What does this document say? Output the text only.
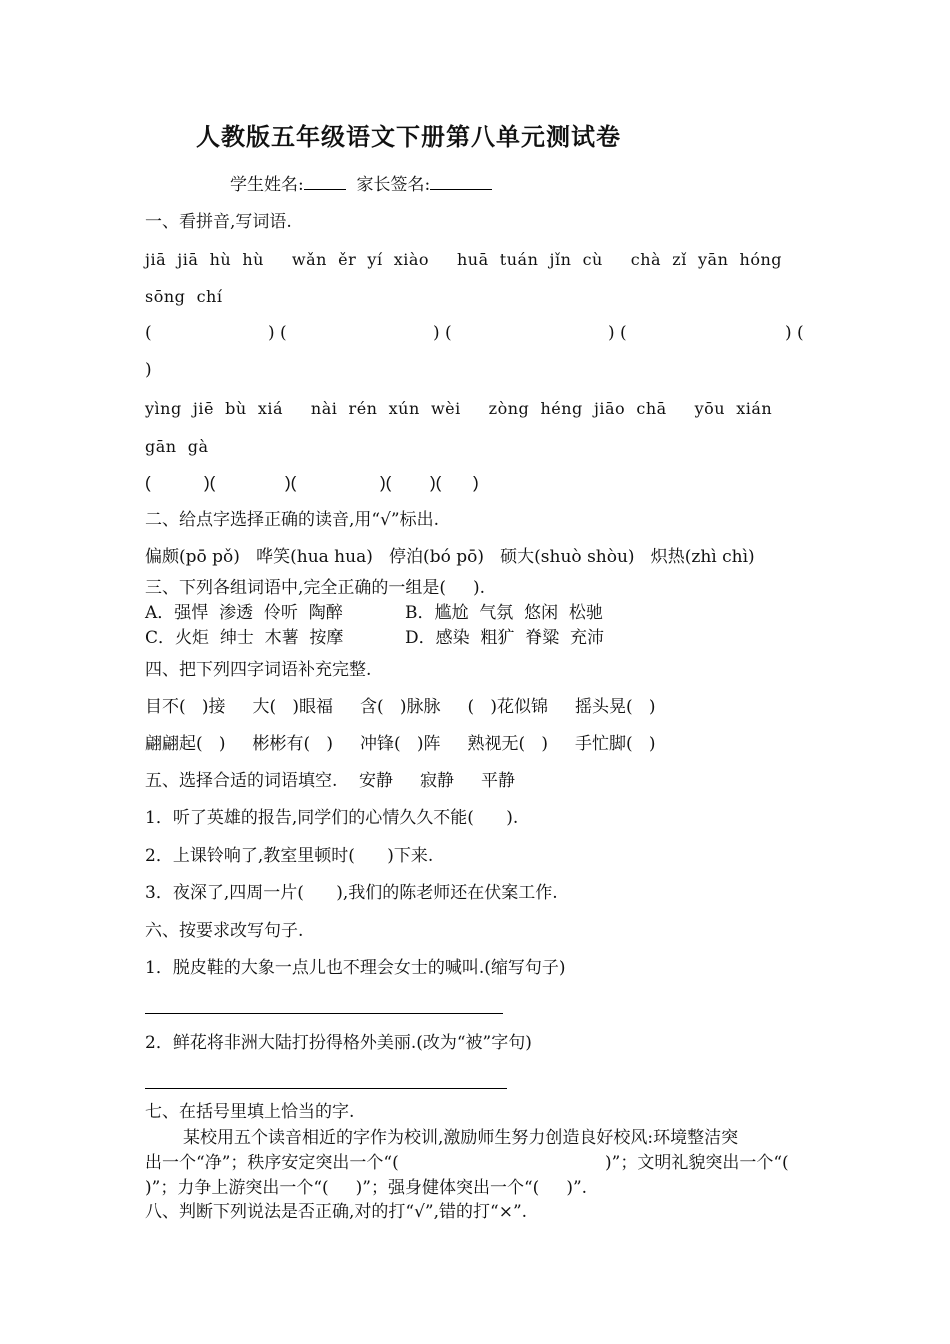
人教版五年级语文下册第八单元测试卷
学生姓名:	家长签名:
一、看拼音,写词语.
jiā  jiā  hù  hù     wǎn  ěr  yí  xiào     huā  tuán  jǐn  cù     chà  zǐ  yān  hóng
sōng  chí
(	) (	) (	) (	) (
)
yìng  jiē  bù  xiá     nài  rén  xún  wèi     zòng  héng  jiāo  chā     yōu  xián
gān  gà
(	)(	)(	)( )( )
二、给点字选择正确的读音,用“√”标出.
偏颇(pō pǒ)   哗笑(hua hua)   停泊(bó pō)   硕大(shuò shòu)   炽热(zhì chì)
三、下列各组词语中,完全正确的一组是(     ).
A．强悍  渗透  伶听  陶醉	B．尴尬  气氛  悠闲  松驰
C．火炬  绅士  木薯  按摩	D．感染  粗犷  脊粱  充沛
四、把下列四字词语补充完整.
目不(   )接     大(   )眼福     含(   )脉脉     (   )花似锦     摇头晃(   )
翩翩起(   )     彬彬有(   )     冲锋(   )阵     熟视无(   )     手忙脚(   )
五、选择合适的词语填空.    安静     寂静     平静
1．听了英雄的报告,同学们的心情久久不能(      ).
2．上课铃响了,教室里顿时(      )下来.
3．夜深了,四周一片(      ),我们的陈老师还在伏案工作.
六、按要求改写句子.
1．脱皮鞋的大象一点儿也不理会女士的喊叫.(缩写句子)
2．鲜花将非洲大陆打扮得格外美丽.(改为“被”字句)
七、在括号里填上恰当的字.
某校用五个读音相近的字作为校训,激励师生努力创造良好校风:环境整洁突
出一个“净”；秩序安定突出一个“(	)”；文明礼貌突出一个“(
)”；力争上游突出一个“(     )”；强身健体突出一个“(     )”.
八、判断下列说法是否正确,对的打“√”,错的打“×”.
